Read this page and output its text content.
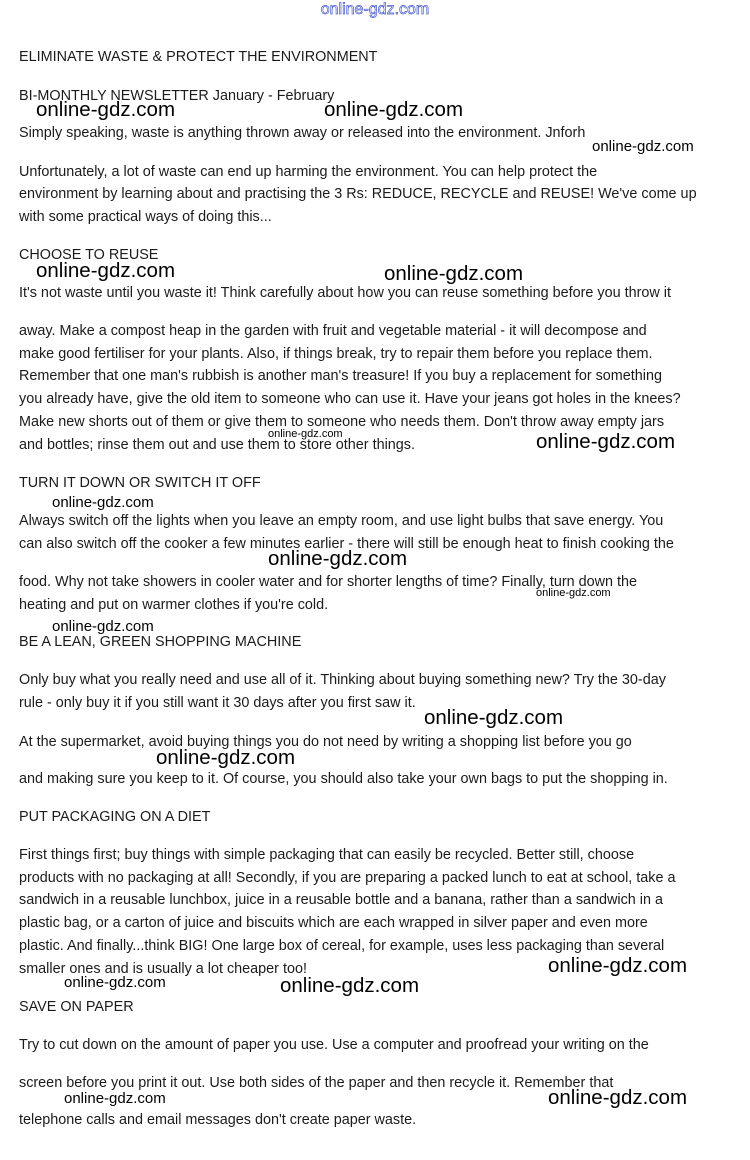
online-gdz.com
ELIMINATE WASTE & PROTECT THE ENVIRONMENT
BI-MONTHLY NEWSLETTER January - February
Simply speaking, waste is anything thrown away or released into the environment. Jnforh
Unfortunately, a lot of waste can end up harming the environment. You can help protect the
environment by learning about and practising the 3 Rs: REDUCE, RECYCLE and REUSE! We've come up
with some practical ways of doing this...
CHOOSE TO REUSE
It's not waste until you waste it! Think carefully about how you can reuse something before you throw it
away. Make a compost heap in the garden with fruit and vegetable material - it will decompose and
make good fertiliser for your plants. Also, if things break, try to repair them before you replace them.
Remember that one man's rubbish is another man's treasure! If you buy a replacement for something
you already have, give the old item to someone who can use it. Have your jeans got holes in the knees?
Make new shorts out of them or give them to someone who needs them. Don't throw away empty jars
and bottles; rinse them out and use them to store other things.
TURN IT DOWN OR SWITCH IT OFF
Always switch off the lights when you leave an empty room, and use light bulbs that save energy. You
can also switch off the cooker a few minutes earlier - there will still be enough heat to finish cooking the
food. Why not take showers in cooler water and for shorter lengths of time? Finally, turn down the
heating and put on warmer clothes if you're cold.
BE A LEAN, GREEN SHOPPING MACHINE
Only buy what you really need and use all of it. Thinking about buying something new? Try the 30-day
rule - only buy it if you still want it 30 days after you first saw it.
At the supermarket, avoid buying things you do not need by writing a shopping list before you go
and making sure you keep to it. Of course, you should also take your own bags to put the shopping in.
PUT PACKAGING ON A DIET
First things first; buy things with simple packaging that can easily be recycled. Better still, choose
products with no packaging at all! Secondly, if you are preparing a packed lunch to eat at school, take a
sandwich in a reusable lunchbox, juice in a reusable bottle and a banana, rather than a sandwich in a
plastic bag, or a carton of juice and biscuits which are each wrapped in silver paper and even more
plastic. And finally...think BIG! One large box of cereal, for example, uses less packaging than several
smaller ones and is usually a lot cheaper too!
SAVE ON PAPER
Try to cut down on the amount of paper you use. Use a computer and proofread your writing on the
screen before you print it out. Use both sides of the paper and then recycle it. Remember that
telephone calls and email messages don't create paper waste.
online-gdz.com	online-gdz.com
online-gdz.com
online-gdz.com	online-gdz.com
online-gdz.com	online-gdz.com
online-gdz.com
online-gdz.com
online-gdz.com
online-gdz.com
online-gdz.com
online-gdz.com
online-gdz.com
online-gdz.com	online-gdz.com
online-gdz.com	online-gdz.com
